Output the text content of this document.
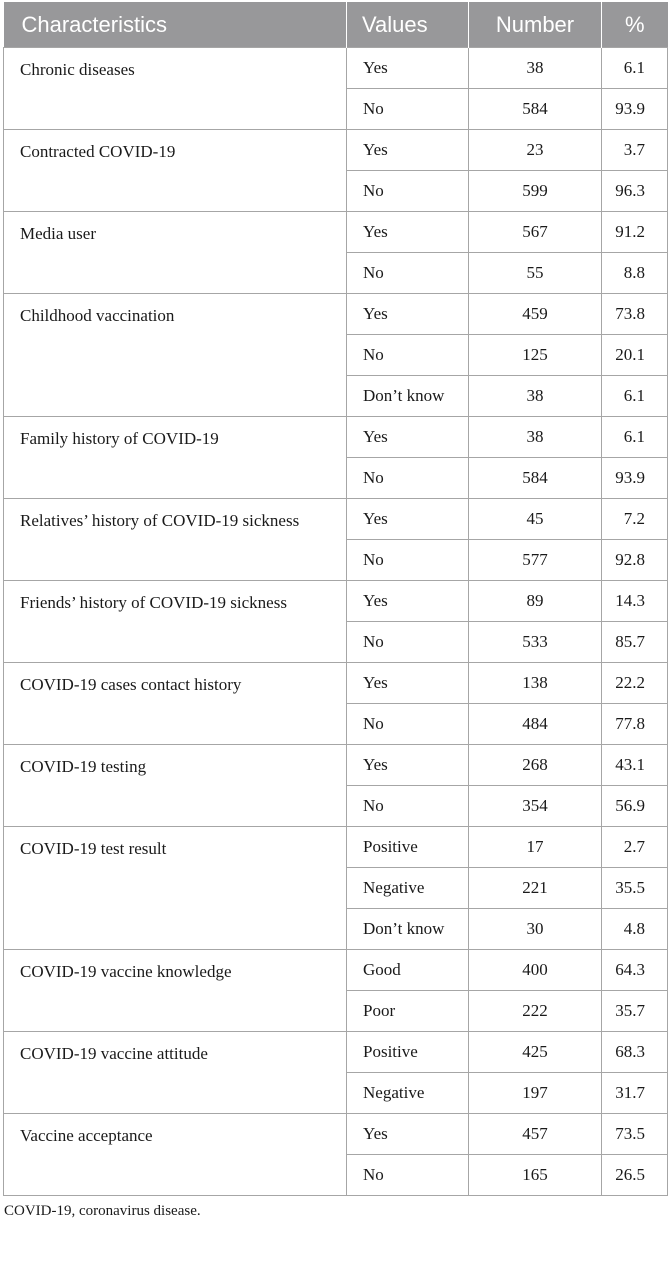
Characteristics	Values	Number	%
Chronic diseases	Yes	38	6.1
	No	584	93.9
Contracted COVID-19	Yes	23	3.7
	No	599	96.3
Media user	Yes	567	91.2
	No	55	8.8
Childhood vaccination	Yes	459	73.8
	No	125	20.1
	Don’t know	38	6.1
Family history of COVID-19	Yes	38	6.1
	No	584	93.9
Relatives’ history of COVID-19 sickness	Yes	45	7.2
	No	577	92.8
Friends’ history of COVID-19 sickness	Yes	89	14.3
	No	533	85.7
COVID-19 cases contact history	Yes	138	22.2
	No	484	77.8
COVID-19 testing	Yes	268	43.1
	No	354	56.9
COVID-19 test result	Positive	17	2.7
	Negative	221	35.5
	Don’t know	30	4.8
COVID-19 vaccine knowledge	Good	400	64.3
	Poor	222	35.7
COVID-19 vaccine attitude	Positive	425	68.3
	Negative	197	31.7
Vaccine acceptance	Yes	457	73.5
	No	165	26.5
COVID-19, coronavirus disease.
